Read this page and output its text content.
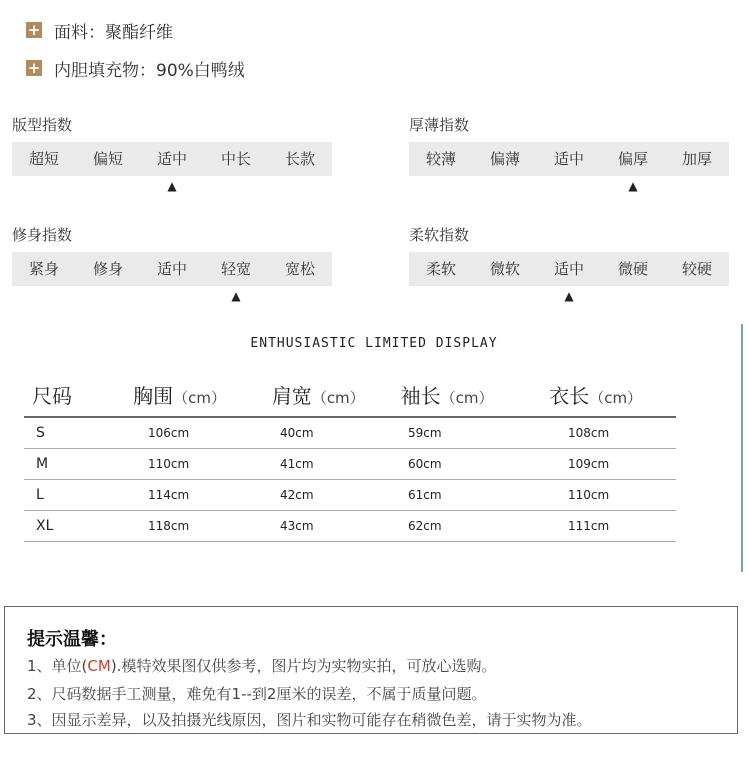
+ 面料：聚酯纤维
+ 内胆填充物：90%白鸭绒
版型指数
超短	偏短	适中	中长	长款
▲
厚薄指数
较薄	偏薄	适中	偏厚	加厚
▲
修身指数
紧身	修身	适中	轻宽	宽松
▲
柔软指数
柔软	微软	适中	微硬	较硬
▲
ENTHUSIASTIC LIMITED DISPLAY
尺码	胸围（cm）	肩宽（cm）	袖长（cm）	衣长（cm）
S	106cm	40cm	59cm	108cm
M	110cm	41cm	60cm	109cm
L	114cm	42cm	61cm	110cm
XL	118cm	43cm	62cm	111cm
提示温馨：
1、单位(CM).模特效果图仅供参考，图片均为实物实拍，可放心选购。
2、尺码数据手工测量，难免有1--到2厘米的误差，不属于质量问题。
3、因显示差异，以及拍摄光线原因，图片和实物可能存在稍微色差，请于实物为准。
